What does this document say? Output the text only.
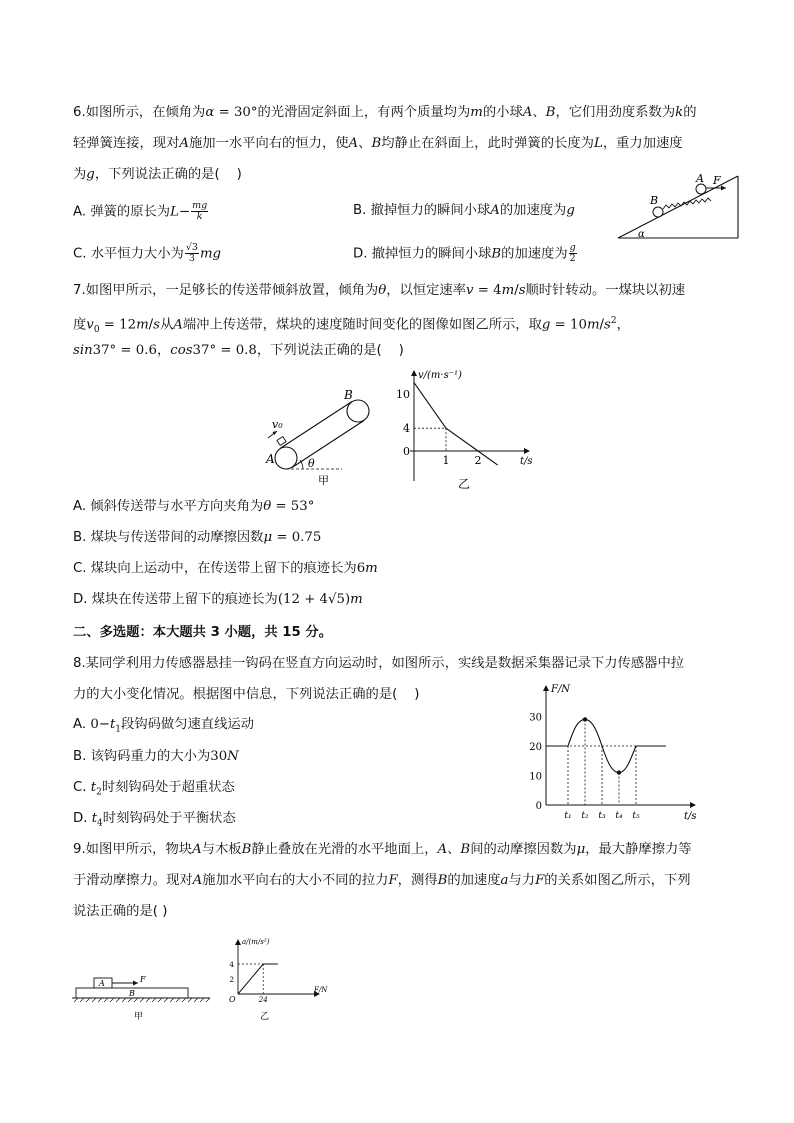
6.如图所示，在倾角为α = 30°的光滑固定斜面上，有两个质量均为m的小球A、B，它们用劲度系数为k的
轻弹簧连接，现对A施加一水平向右的恒力，使A、B均静止在斜面上，此时弹簧的长度为L，重力加速度
为g，下列说法正确的是(    )
A. 弹簧的原长为$L- \frac{mg}{k}$	B. 撤掉恒力的瞬间小球A的加速度为g
C. 水平恒力大小为 $\frac{√3}{3}$ mg	D. 撤掉恒力的瞬间小球B的加速度为 $\frac{g}{2}$
A
B
F
α
7.如图甲所示，一足够长的传送带倾斜放置，倾角为θ，以恒定速率v = 4m/s顺时针转动。一煤块以初速
度$v_0 = 12m/s$从A端冲上传送带，煤块的速度随时间变化的图像如图乙所示，取$g = 10m/s^2$，
sin37° = 0.6，cos37° = 0.8，下列说法正确的是(    )
A
B
v₀
θ
甲
v/(m·s⁻¹)
t/s
0
4
10
1 2
乙
A. 倾斜传送带与水平方向夹角为θ = 53°
B. 煤块与传送带间的动摩擦因数μ = 0.75
C. 煤块向上运动中，在传送带上留下的痕迹长为6m
D. 煤块在传送带上留下的痕迹长为(12 + 4√5)m
二、多选题：本大题共 3 小题，共 15 分。
8.某同学利用力传感器悬挂一钩码在竖直方向运动时，如图所示，实线是数据采集器记录下力传感器中拉
力的大小变化情况。根据图中信息，下列说法正确的是(    )
A. $0-t_1$段钩码做匀速直线运动
B. 该钩码重力的大小为30N
C. $t_2$时刻钩码处于超重状态
D. $t_4$时刻钩码处于平衡状态
F/N
t/s
0
10
20
30
t₁ t₂ t₃ t₄ t₅
9.如图甲所示，物块A与木板B静止叠放在光滑的水平地面上，A、B间的动摩擦因数为μ，最大静摩擦力等
于滑动摩擦力。现对A施加水平向右的大小不同的拉力F，测得B的加速度a与力F的关系如图乙所示，下列
说法正确的是( )
A
B
F
甲
a/(m/s²)
F/N
O
2
4
24
乙
